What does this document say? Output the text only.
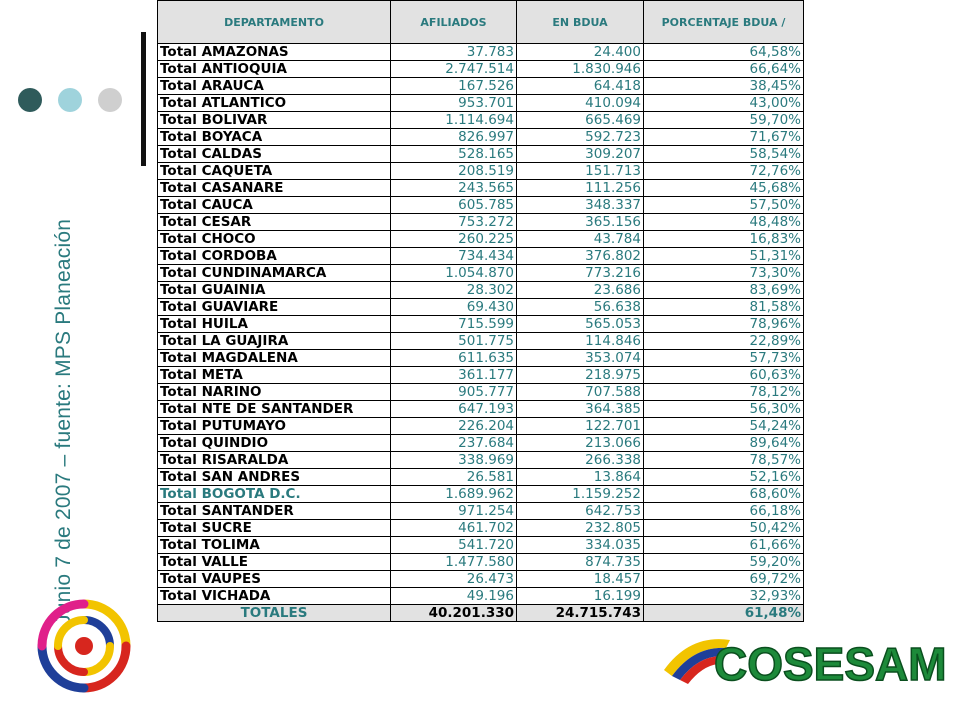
Junio 7 de 2007 – fuente: MPS Planeación
DEPARTAMENTO	AFILIADOS	EN BDUA	PORCENTAJE BDUA /
Total AMAZONAS	37.783	24.400	64,58%
Total ANTIOQUIA	2.747.514	1.830.946	66,64%
Total ARAUCA	167.526	64.418	38,45%
Total ATLANTICO	953.701	410.094	43,00%
Total BOLIVAR	1.114.694	665.469	59,70%
Total BOYACA	826.997	592.723	71,67%
Total CALDAS	528.165	309.207	58,54%
Total CAQUETA	208.519	151.713	72,76%
Total CASANARE	243.565	111.256	45,68%
Total CAUCA	605.785	348.337	57,50%
Total CESAR	753.272	365.156	48,48%
Total CHOCO	260.225	43.784	16,83%
Total CORDOBA	734.434	376.802	51,31%
Total CUNDINAMARCA	1.054.870	773.216	73,30%
Total GUAINIA	28.302	23.686	83,69%
Total GUAVIARE	69.430	56.638	81,58%
Total HUILA	715.599	565.053	78,96%
Total LA GUAJIRA	501.775	114.846	22,89%
Total MAGDALENA	611.635	353.074	57,73%
Total META	361.177	218.975	60,63%
Total NARINO	905.777	707.588	78,12%
Total NTE DE SANTANDER	647.193	364.385	56,30%
Total PUTUMAYO	226.204	122.701	54,24%
Total QUINDIO	237.684	213.066	89,64%
Total RISARALDA	338.969	266.338	78,57%
Total SAN ANDRES	26.581	13.864	52,16%
Total BOGOTA D.C.	1.689.962	1.159.252	68,60%
Total SANTANDER	971.254	642.753	66,18%
Total SUCRE	461.702	232.805	50,42%
Total TOLIMA	541.720	334.035	61,66%
Total VALLE	1.477.580	874.735	59,20%
Total VAUPES	26.473	18.457	69,72%
Total VICHADA	49.196	16.199	32,93%
TOTALES	40.201.330	24.715.743	61,48%
COSESAM
